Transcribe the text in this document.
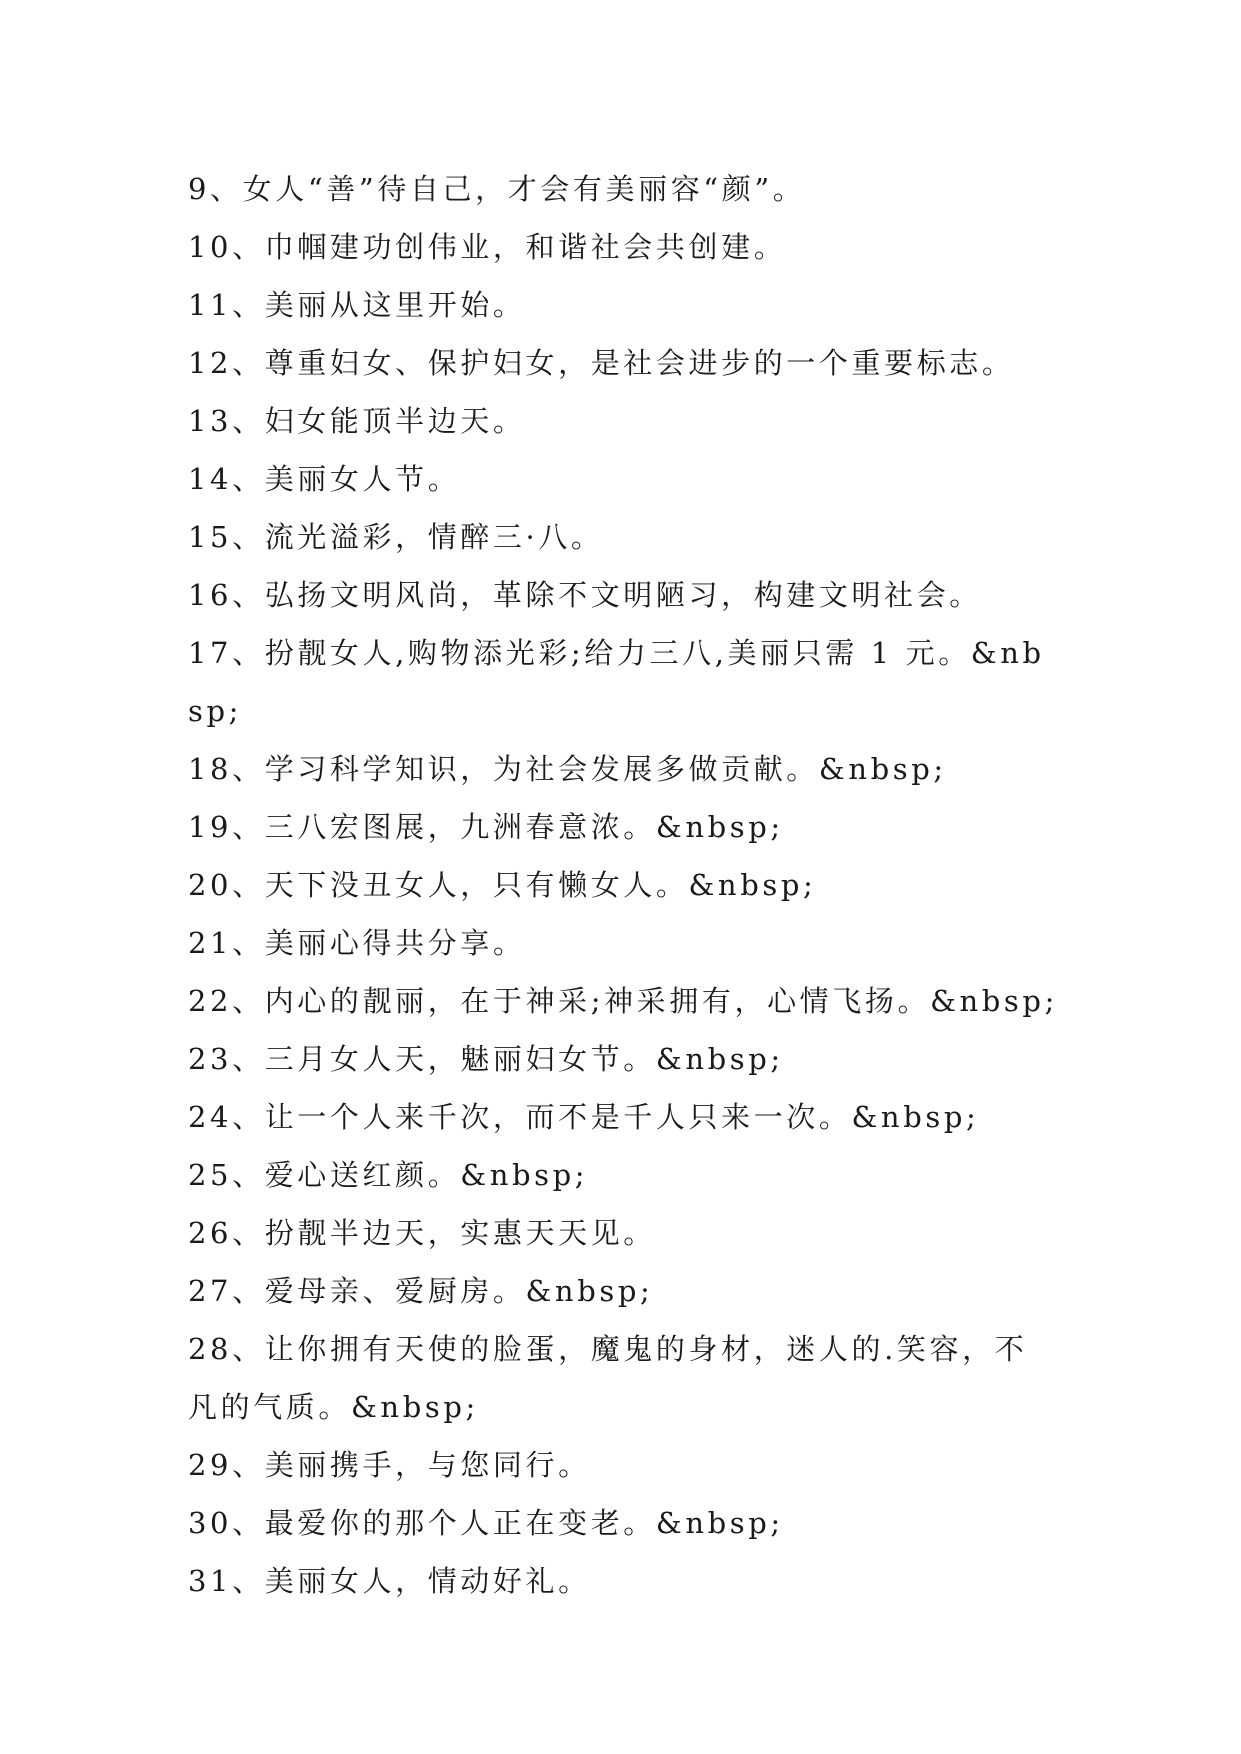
9、女人“善”待自己，才会有美丽容“颜”。
10、巾帼建功创伟业，和谐社会共创建。
11、美丽从这里开始。
12、尊重妇女、保护妇女，是社会进步的一个重要标志。
13、妇女能顶半边天。
14、美丽女人节。
15、流光溢彩，情醉三·八。
16、弘扬文明风尚，革除不文明陋习，构建文明社会。
17、扮靓女人,购物添光彩;给力三八,美丽只需 1 元。&nbsp;
18、学习科学知识，为社会发展多做贡献。&nbsp;
19、三八宏图展，九洲春意浓。&nbsp;
20、天下没丑女人，只有懒女人。&nbsp;
21、美丽心得共分享。
22、内心的靓丽，在于神采;神采拥有，心情飞扬。&nbsp;
23、三月女人天，魅丽妇女节。&nbsp;
24、让一个人来千次，而不是千人只来一次。&nbsp;
25、爱心送红颜。&nbsp;
26、扮靓半边天，实惠天天见。
27、爱母亲、爱厨房。&nbsp;
28、让你拥有天使的脸蛋，魔鬼的身材，迷人的.笑容，不
凡的气质。&nbsp;
29、美丽携手，与您同行。
30、最爱你的那个人正在变老。&nbsp;
31、美丽女人，情动好礼。
